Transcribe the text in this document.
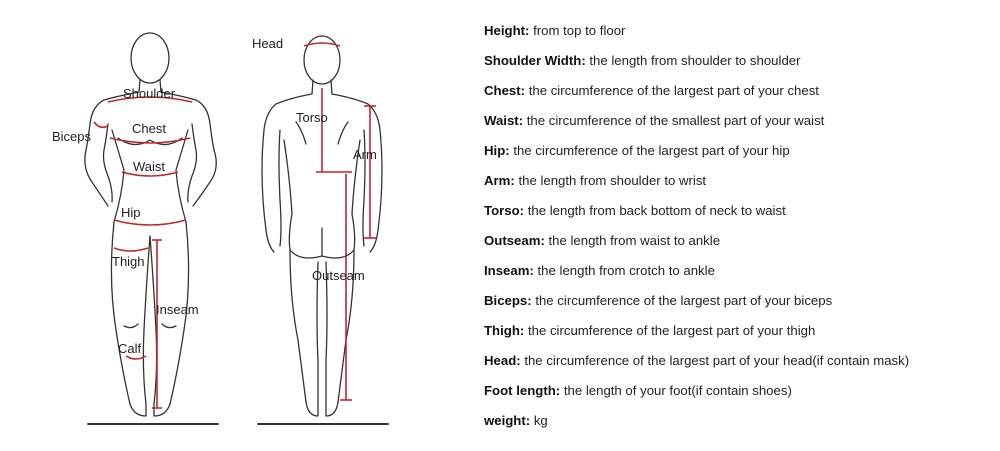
Shoulder
Chest
Biceps
Waist
Hip
Thigh
Inseam
Calf
Head
Torso
Arm
Outseam
Height: from top to floor
Shoulder Width: the length from shoulder to shoulder
Chest: the circumference of the largest part of your chest
Waist: the circumference of the smallest part of your waist
Hip: the circumference of the largest part of your hip
Arm: the length from shoulder to wrist
Torso: the length from back bottom of neck to waist
Outseam: the length from waist to ankle
Inseam: the length from crotch to ankle
Biceps: the circumference of the largest part of your biceps
Thigh: the circumference of the largest part of your thigh
Head: the circumference of the largest part of your head(if contain mask)
Foot length: the length of your foot(if contain shoes)
weight: kg
